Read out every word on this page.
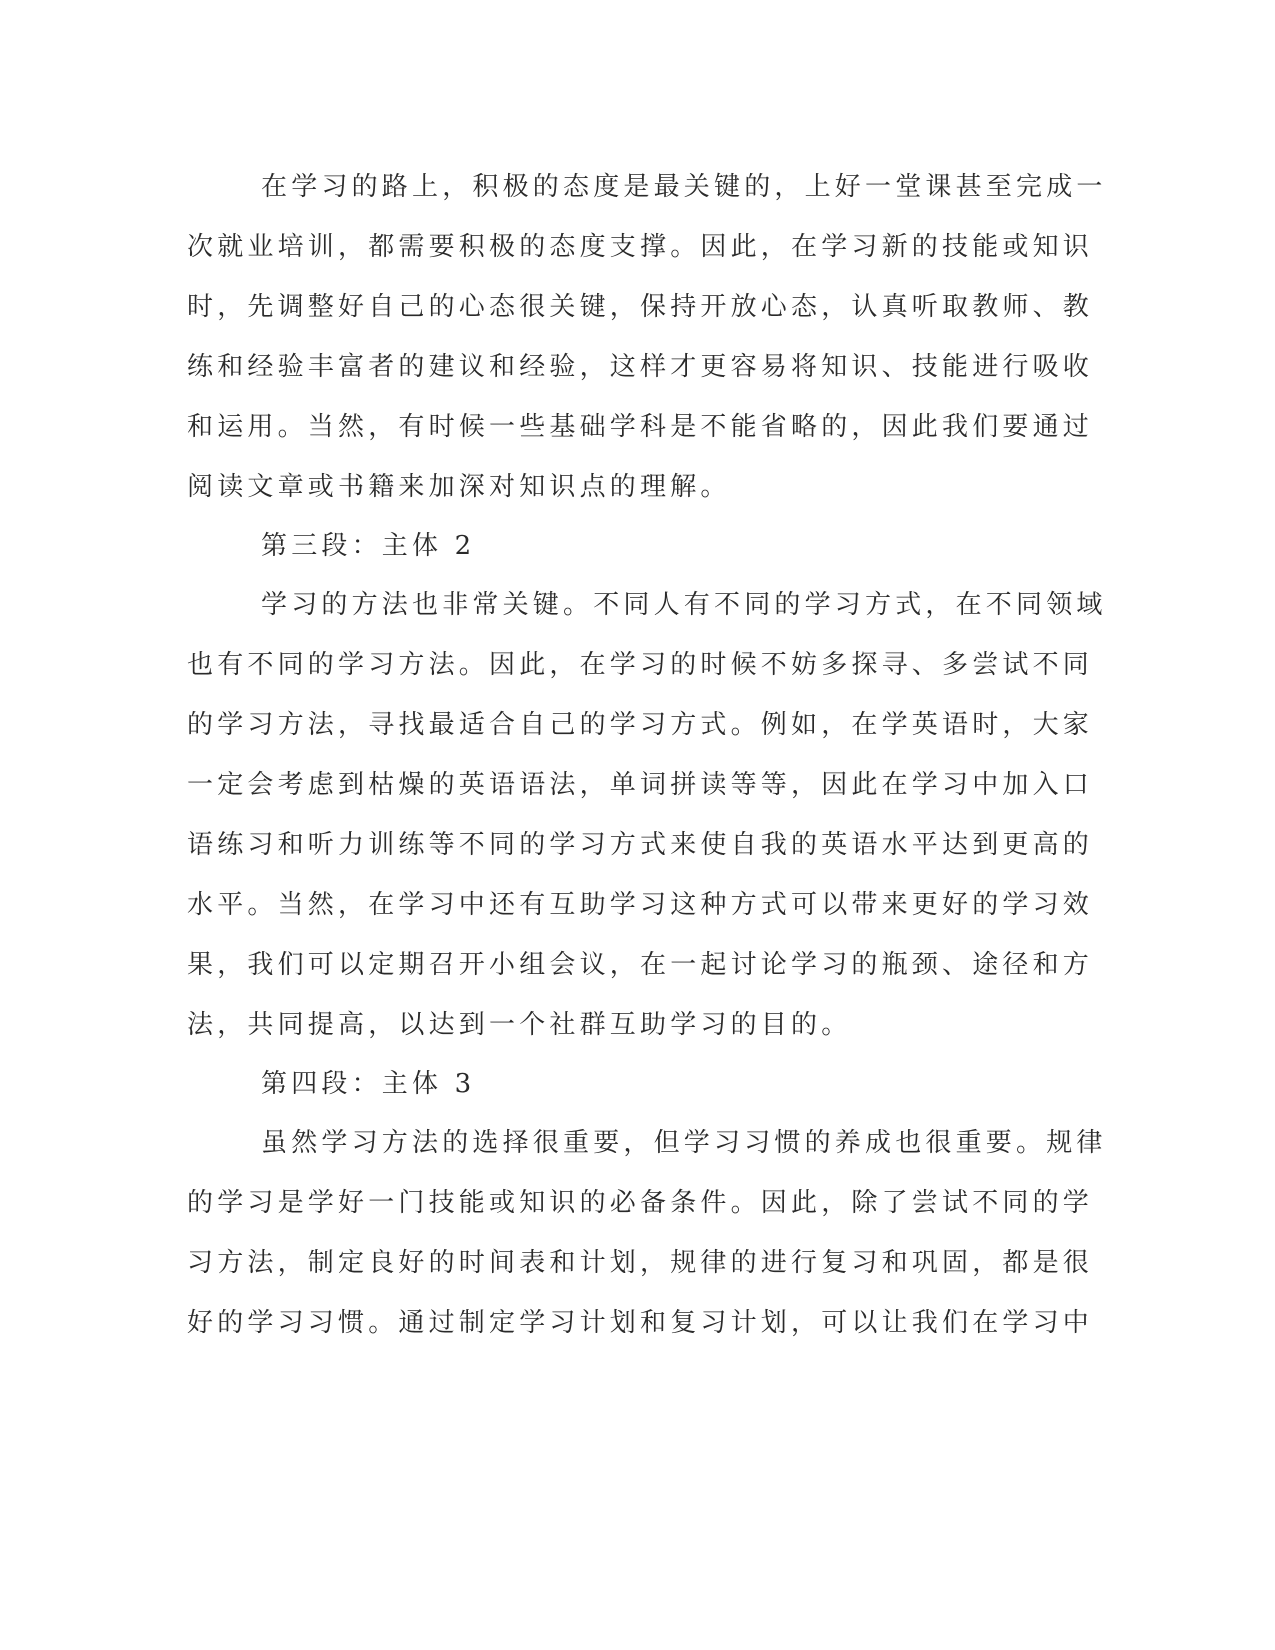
在学习的路上，积极的态度是最关键的，上好一堂课甚至完成一
次就业培训，都需要积极的态度支撑。因此，在学习新的技能或知识
时，先调整好自己的心态很关键，保持开放心态，认真听取教师、教
练和经验丰富者的建议和经验，这样才更容易将知识、技能进行吸收
和运用。当然，有时候一些基础学科是不能省略的，因此我们要通过
阅读文章或书籍来加深对知识点的理解。
第三段：主体 2
学习的方法也非常关键。不同人有不同的学习方式，在不同领域
也有不同的学习方法。因此，在学习的时候不妨多探寻、多尝试不同
的学习方法，寻找最适合自己的学习方式。例如，在学英语时，大家
一定会考虑到枯燥的英语语法，单词拼读等等，因此在学习中加入口
语练习和听力训练等不同的学习方式来使自我的英语水平达到更高的
水平。当然，在学习中还有互助学习这种方式可以带来更好的学习效
果，我们可以定期召开小组会议，在一起讨论学习的瓶颈、途径和方
法，共同提高，以达到一个社群互助学习的目的。
第四段：主体 3
虽然学习方法的选择很重要，但学习习惯的养成也很重要。规律
的学习是学好一门技能或知识的必备条件。因此，除了尝试不同的学
习方法，制定良好的时间表和计划，规律的进行复习和巩固，都是很
好的学习习惯。通过制定学习计划和复习计划，可以让我们在学习中
